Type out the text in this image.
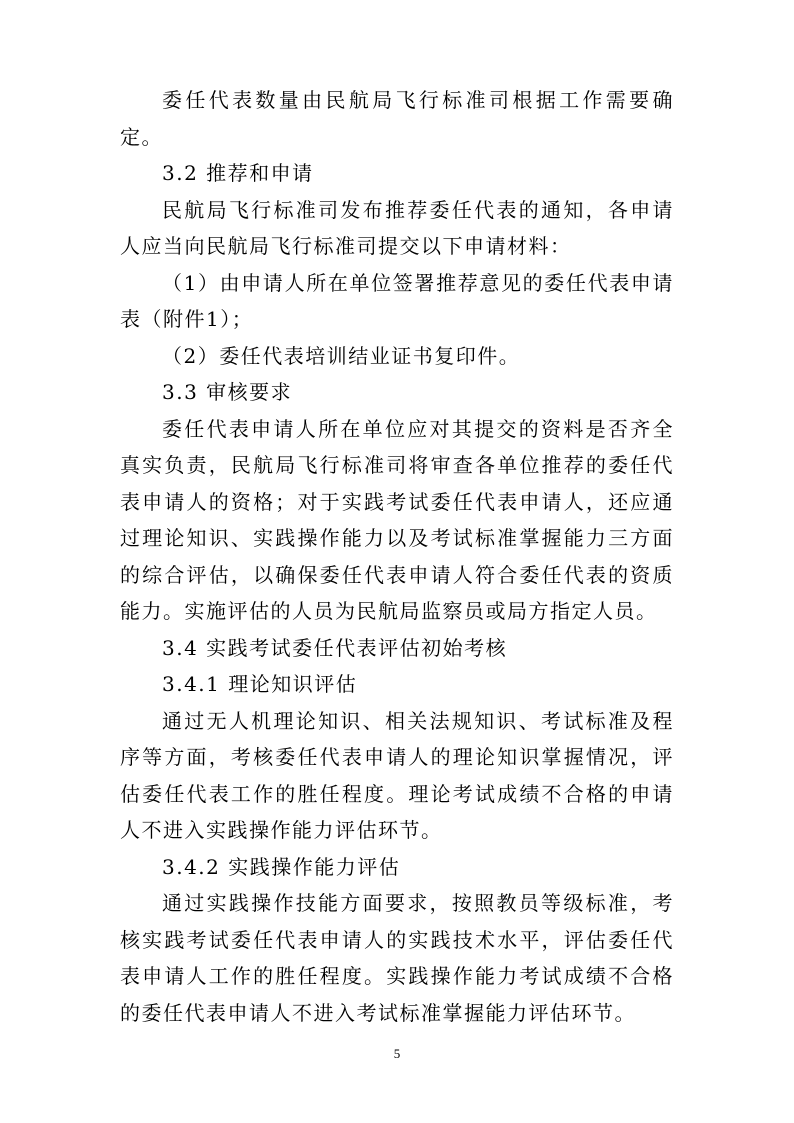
委任代表数量由民航局飞行标准司根据工作需要确定。

3.2 推荐和申请

民航局飞行标准司发布推荐委任代表的通知，各申请人应当向民航局飞行标准司提交以下申请材料：

（1）由申请人所在单位签署推荐意见的委任代表申请表（附件1）；

（2）委任代表培训结业证书复印件。

3.3 审核要求

委任代表申请人所在单位应对其提交的资料是否齐全真实负责，民航局飞行标准司将审查各单位推荐的委任代表申请人的资格；对于实践考试委任代表申请人，还应通过理论知识、实践操作能力以及考试标准掌握能力三方面的综合评估，以确保委任代表申请人符合委任代表的资质能力。实施评估的人员为民航局监察员或局方指定人员。

3.4 实践考试委任代表评估初始考核

3.4.1 理论知识评估

通过无人机理论知识、相关法规知识、考试标准及程序等方面，考核委任代表申请人的理论知识掌握情况，评估委任代表工作的胜任程度。理论考试成绩不合格的申请人不进入实践操作能力评估环节。

3.4.2 实践操作能力评估

通过实践操作技能方面要求，按照教员等级标准，考核实践考试委任代表申请人的实践技术水平，评估委任代表申请人工作的胜任程度。实践操作能力考试成绩不合格的委任代表申请人不进入考试标准掌握能力评估环节。

5
